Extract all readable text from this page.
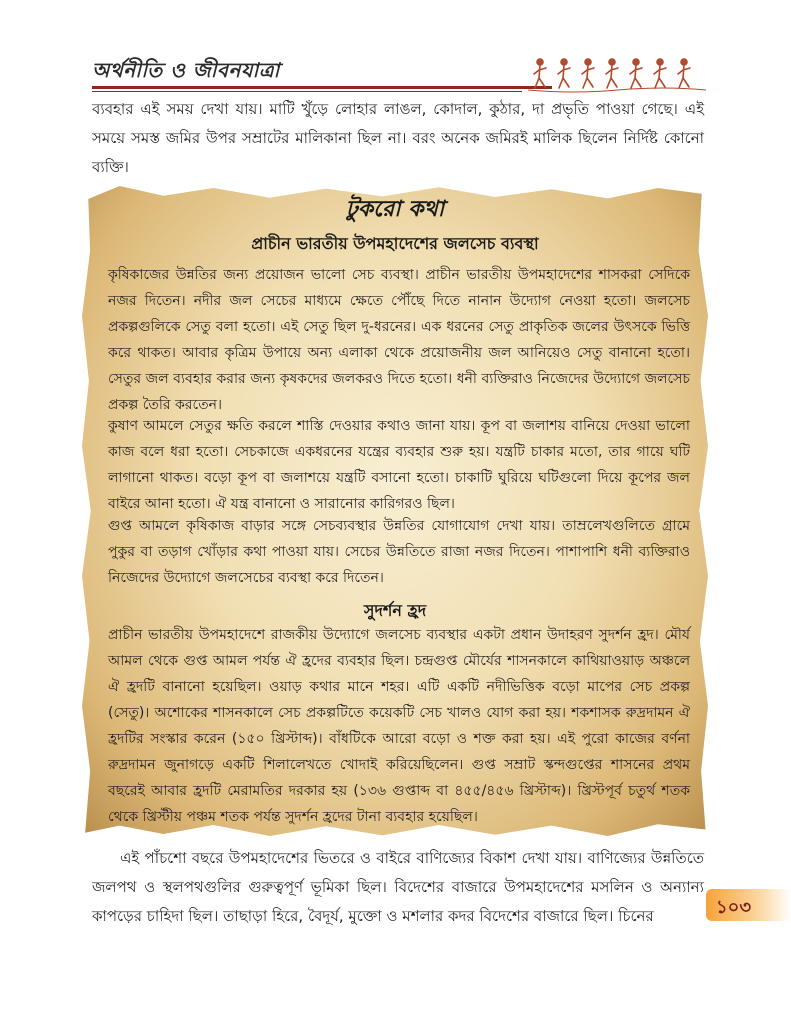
অর্থনীতি ও জীবনযাত্রা

ব্যবহার এই সময় দেখা যায়। মাটি খুঁড়ে লোহার লাঙল, কোদাল, কুঠার, দা প্রভৃতি পাওয়া গেছে। এই সময়ে সমস্ত জমির উপর সম্রাটের মালিকানা ছিল না। বরং অনেক জমিরই মালিক ছিলেন নির্দিষ্ট কোনো ব্যক্তি।

টুকরো কথা
প্রাচীন ভারতীয় উপমহাদেশের জলসেচ ব্যবস্থা

কৃষিকাজের উন্নতির জন্য প্রয়োজন ভালো সেচ ব্যবস্থা। প্রাচীন ভারতীয় উপমহাদেশের শাসকরা সেদিকে নজর দিতেন। নদীর জল সেচের মাধ্যমে ক্ষেতে পৌঁছে দিতে নানান উদ্যোগ নেওয়া হতো। জলসেচ প্রকল্পগুলিকে সেতু বলা হতো। এই সেতু ছিল দু-ধরনের। এক ধরনের সেতু প্রাকৃতিক জলের উৎসকে ভিত্তি করে থাকত। আবার কৃত্রিম উপায়ে অন্য এলাকা থেকে প্রয়োজনীয় জল আনিয়েও সেতু বানানো হতো। সেতুর জল ব্যবহার করার জন্য কৃষকদের জলকরও দিতে হতো। ধনী ব্যক্তিরাও নিজেদের উদ্যোগে জলসেচ প্রকল্প তৈরি করতেন।

কুষাণ আমলে সেতুর ক্ষতি করলে শাস্তি দেওয়ার কথাও জানা যায়। কূপ বা জলাশয় বানিয়ে দেওয়া ভালো কাজ বলে ধরা হতো। সেচকাজে একধরনের যন্ত্রের ব্যবহার শুরু হয়। যন্ত্রটি চাকার মতো, তার গায়ে ঘটি লাগানো থাকত। বড়ো কূপ বা জলাশয়ে যন্ত্রটি বসানো হতো। চাকাটি ঘুরিয়ে ঘটিগুলো দিয়ে কূপের জল বাইরে আনা হতো। ঐ যন্ত্র বানানো ও সারানোর কারিগরও ছিল।

গুপ্ত আমলে কৃষিকাজ বাড়ার সঙ্গে সেচব্যবস্থার উন্নতির যোগাযোগ দেখা যায়। তাম্রলেখগুলিতে গ্রামে পুকুর বা তড়াগ খোঁড়ার কথা পাওয়া যায়। সেচের উন্নতিতে রাজা নজর দিতেন। পাশাপাশি ধনী ব্যক্তিরাও নিজেদের উদ্যোগে জলসেচের ব্যবস্থা করে দিতেন।

সুদর্শন হ্রদ

প্রাচীন ভারতীয় উপমহাদেশে রাজকীয় উদ্যোগে জলসেচ ব্যবস্থার একটা প্রধান উদাহরণ সুদর্শন হ্রদ। মৌর্য আমল থেকে গুপ্ত আমল পর্যন্ত ঐ হ্রদের ব্যবহার ছিল। চন্দ্রগুপ্ত মৌর্যের শাসনকালে কাথিয়াওয়াড় অঞ্চলে ঐ হ্রদটি বানানো হয়েছিল। ওয়াড় কথার মানে শহর। এটি একটি নদীভিত্তিক বড়ো মাপের সেচ প্রকল্প (সেতু)। অশোকের শাসনকালে সেচ প্রকল্পটিতে কয়েকটি সেচ খালও যোগ করা হয়। শকশাসক রুদ্রদামন ঐ হ্রদটির সংস্কার করেন (১৫০ খ্রিস্টাব্দ)। বাঁধটিকে আরো বড়ো ও শক্ত করা হয়। এই পুরো কাজের বর্ণনা রুদ্রদামন জুনাগড়ে একটি শিলালেখতে খোদাই করিয়েছিলেন। গুপ্ত সম্রাট স্কন্দগুপ্তের শাসনের প্রথম বছরেই আবার হ্রদটি মেরামতির দরকার হয় (১৩৬ গুপ্তাব্দ বা ৪৫৫/৪৫৬ খ্রিস্টাব্দ)। খ্রিস্টপূর্ব চতুর্থ শতক থেকে খ্রিস্টীয় পঞ্চম শতক পর্যন্ত সুদর্শন হ্রদের টানা ব্যবহার হয়েছিল।

এই পাঁচশো বছরে উপমহাদেশের ভিতরে ও বাইরে বাণিজ্যের বিকাশ দেখা যায়। বাণিজ্যের উন্নতিতে জলপথ ও স্থলপথগুলির গুরুত্বপূর্ণ ভূমিকা ছিল। বিদেশের বাজারে উপমহাদেশের মসলিন ও অন্যান্য কাপড়ের চাহিদা ছিল। তাছাড়া হিরে, বৈদূর্য, মুক্তো ও মশলার কদর বিদেশের বাজারে ছিল। চিনের	১০৩
